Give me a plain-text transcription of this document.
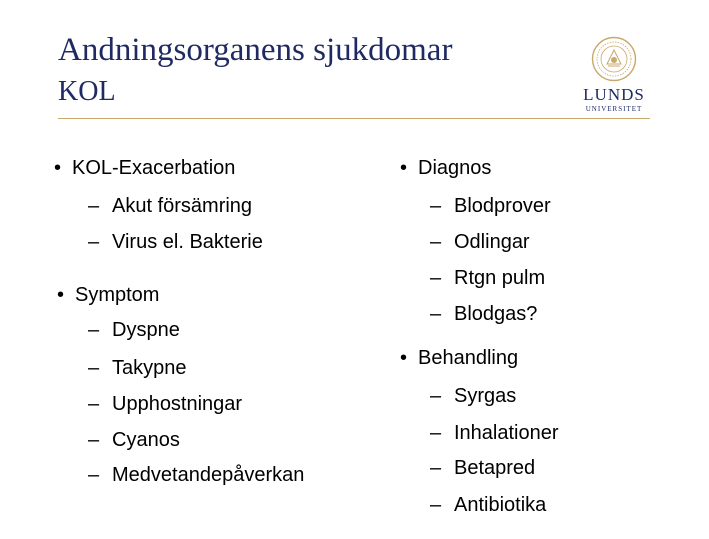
Andningsorganens sjukdomar
KOL	LUNDS
UNIVERSITET
• KOL-Exacerbation
– Akut försämring
– Virus el. Bakterie
• Symptom
– Dyspne
– Takypne
– Upphostningar
– Cyanos
– Medvetandepåverkan
• Diagnos
– Blodprover
– Odlingar
– Rtgn pulm
– Blodgas?
• Behandling
– Syrgas
– Inhalationer
– Betapred
– Antibiotika
